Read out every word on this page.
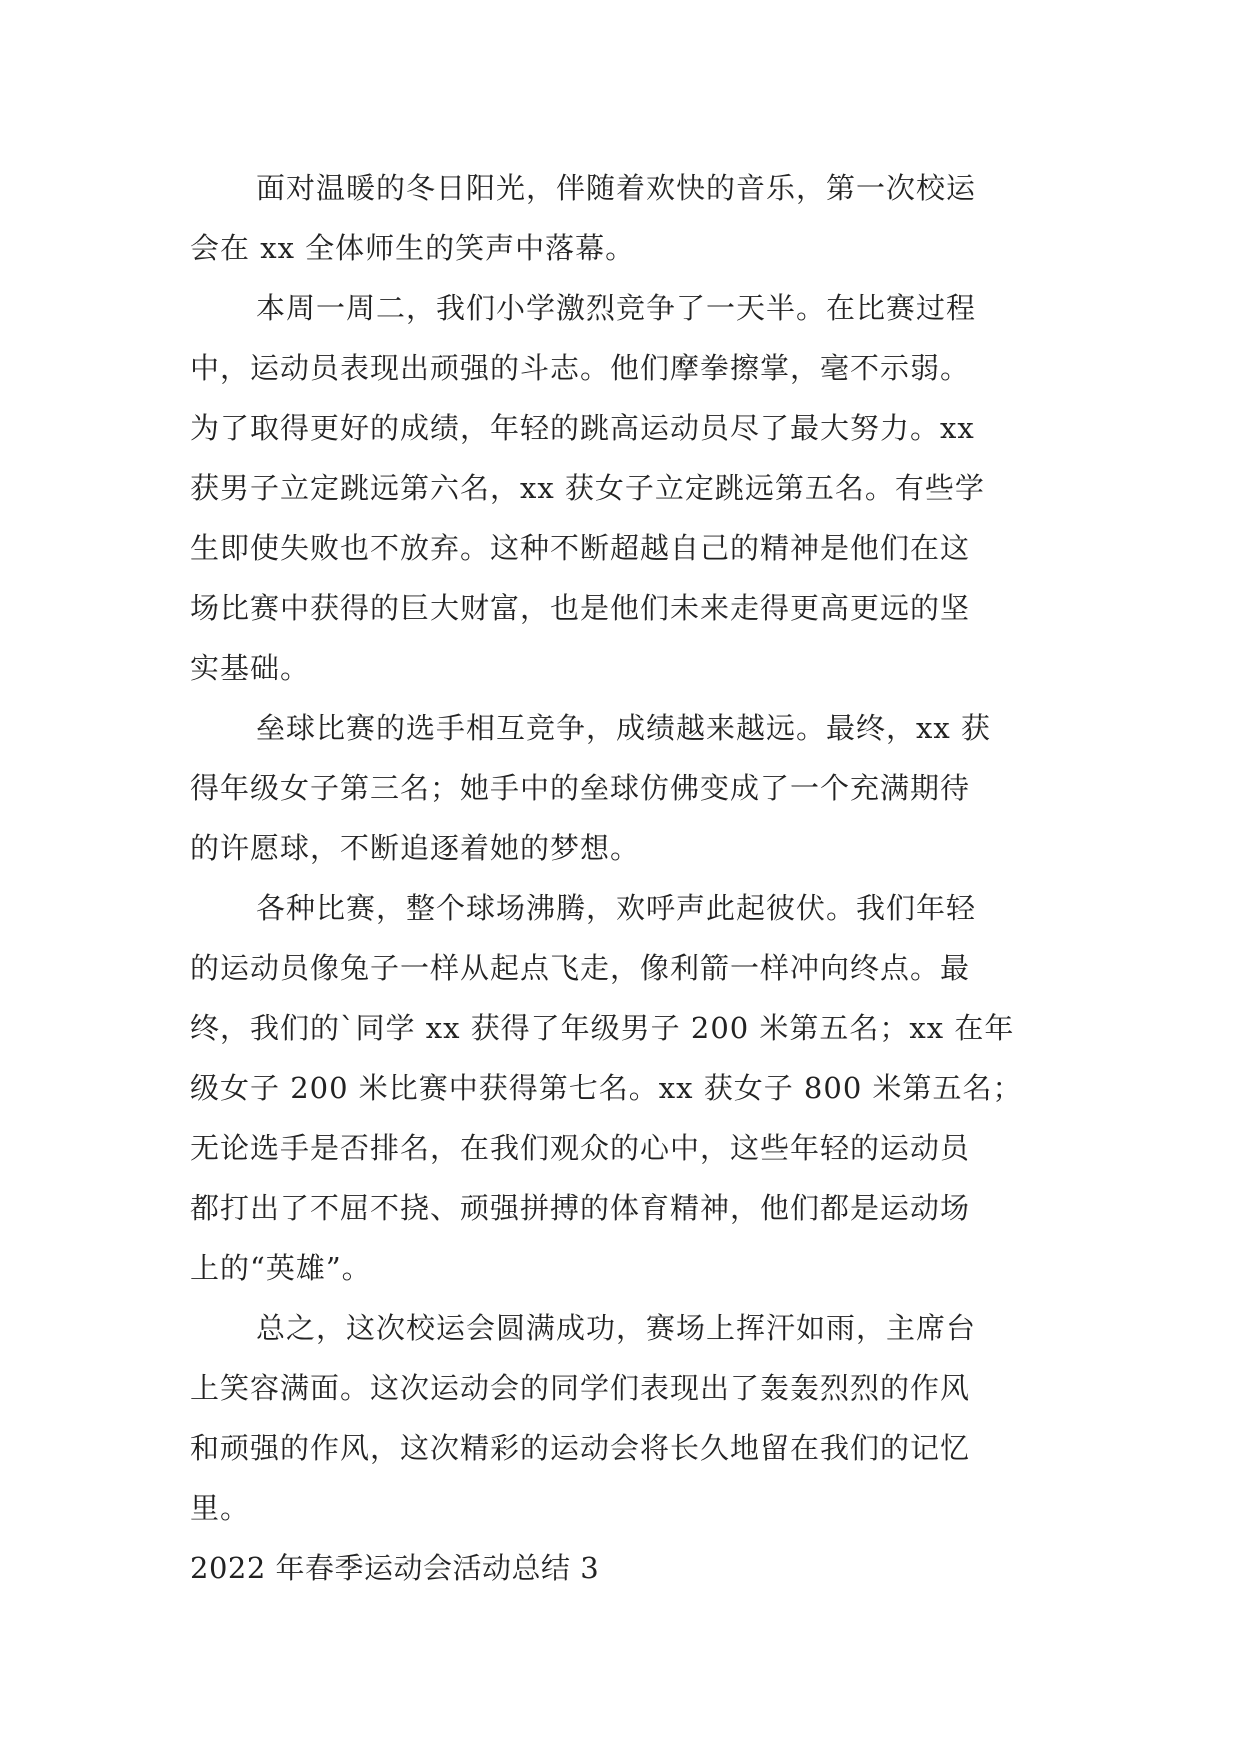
面对温暖的冬日阳光，伴随着欢快的音乐，第一次校运
会在 xx 全体师生的笑声中落幕。
本周一周二，我们小学激烈竞争了一天半。在比赛过程
中，运动员表现出顽强的斗志。他们摩拳擦掌，毫不示弱。
为了取得更好的成绩，年轻的跳高运动员尽了最大努力。xx
获男子立定跳远第六名，xx 获女子立定跳远第五名。有些学
生即使失败也不放弃。这种不断超越自己的精神是他们在这
场比赛中获得的巨大财富，也是他们未来走得更高更远的坚
实基础。
垒球比赛的选手相互竞争，成绩越来越远。最终，xx 获
得年级女子第三名；她手中的垒球仿佛变成了一个充满期待
的许愿球，不断追逐着她的梦想。
各种比赛，整个球场沸腾，欢呼声此起彼伏。我们年轻
的运动员像兔子一样从起点飞走，像利箭一样冲向终点。最
终，我们的`同学 xx 获得了年级男子 200 米第五名；xx 在年
级女子 200 米比赛中获得第七名。xx 获女子 800 米第五名；
无论选手是否排名，在我们观众的心中，这些年轻的运动员
都打出了不屈不挠、顽强拼搏的体育精神，他们都是运动场
上的“英雄”。
总之，这次校运会圆满成功，赛场上挥汗如雨，主席台
上笑容满面。这次运动会的同学们表现出了轰轰烈烈的作风
和顽强的作风，这次精彩的运动会将长久地留在我们的记忆
里。
2022 年春季运动会活动总结 3
